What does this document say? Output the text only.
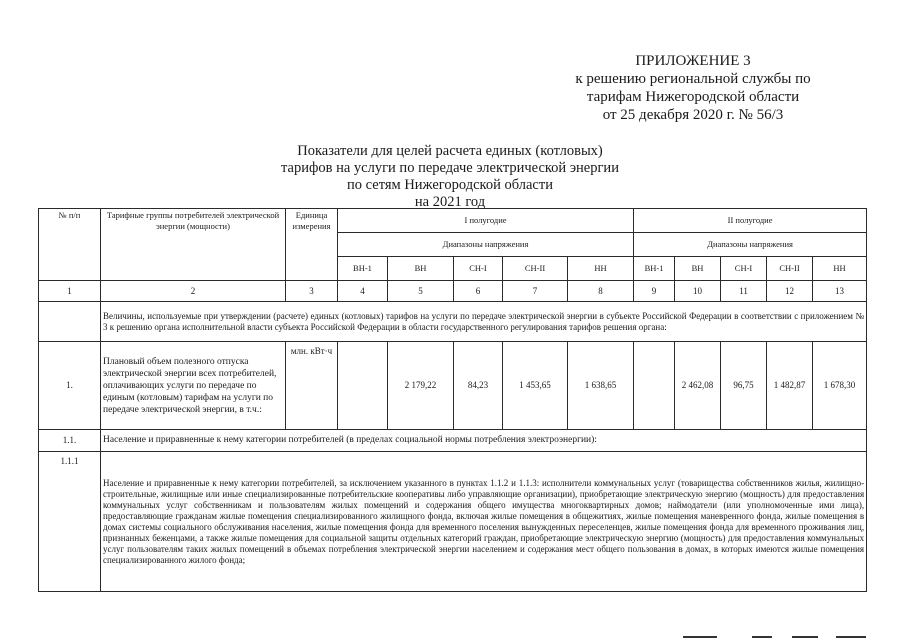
ПРИЛОЖЕНИЕ 3
к решению региональной службы по
тарифам Нижегородской области
от 25 декабря 2020 г. № 56/3
Показатели для целей расчета единых (котловых)
тарифов на услуги по передаче электрической энергии
по сетям Нижегородской области
на 2021 год
№ п/п	Тарифные группы потребителей электрической энергии (мощности)	Единица измерения	I полугодие					II полугодие				
			Диапазоны напряжения					Диапазоны напряжения				
			ВН-1	ВН	СН-I	СН-II	НН	ВН-1	ВН	СН-I	СН-II	НН
1	2	3	4	5	6	7	8	9	10	11	12	13
	Величины, используемые при утверждении (расчете) единых (котловых) тарифов на услуги по передаче электрической энергии в субъекте Российской Федерации в соответствии с приложением № 3 к решению органа исполнительной власти субъекта Российской Федерации в области государственного регулирования тарифов решения органа:											
1.	Плановый объем полезного отпуска электрической энергии всех потребителей, оплачивающих услуги по передаче по единым (котловым) тарифам на услуги по передаче электрической энергии, в т.ч.:	млн. кВт·ч		2 179,22	84,23	1 453,65	1 638,65		2 462,08	96,75	1 482,87	1 678,30
1.1.	Население и приравненные к нему категории потребителей (в пределах социальной нормы потребления электроэнергии):											
1.1.1	Население и приравненные к нему категории потребителей, за исключением указанного в пунктах 1.1.2 и 1.1.3: исполнители коммунальных услуг (товарищества собственников жилья, жилищно-строительные, жилищные или иные специализированные потребительские кооперативы либо управляющие организации), приобретающие электрическую энергию (мощность) для предоставления коммунальных услуг собственникам и пользователям жилых помещений и содержания общего имущества многоквартирных домов; наймодатели (или уполномоченные ими лица), предоставляющие гражданам жилые помещения специализированного жилищного фонда, включая жилые помещения в общежитиях, жилые помещения маневренного фонда, жилые помещения в домах системы социального обслуживания населения, жилые помещения фонда для временного поселения вынужденных переселенцев, жилые помещения фонда для временного проживания лиц, признанных беженцами, а также жилые помещения для социальной защиты отдельных категорий граждан, приобретающие электрическую энергию (мощность) для предоставления коммунальных услуг пользователям таких жилых помещений в объемах потребления электрической энергии населением и содержания мест общего пользования в домах, в которых имеются жилые помещения специализированного жилого фонда;											
